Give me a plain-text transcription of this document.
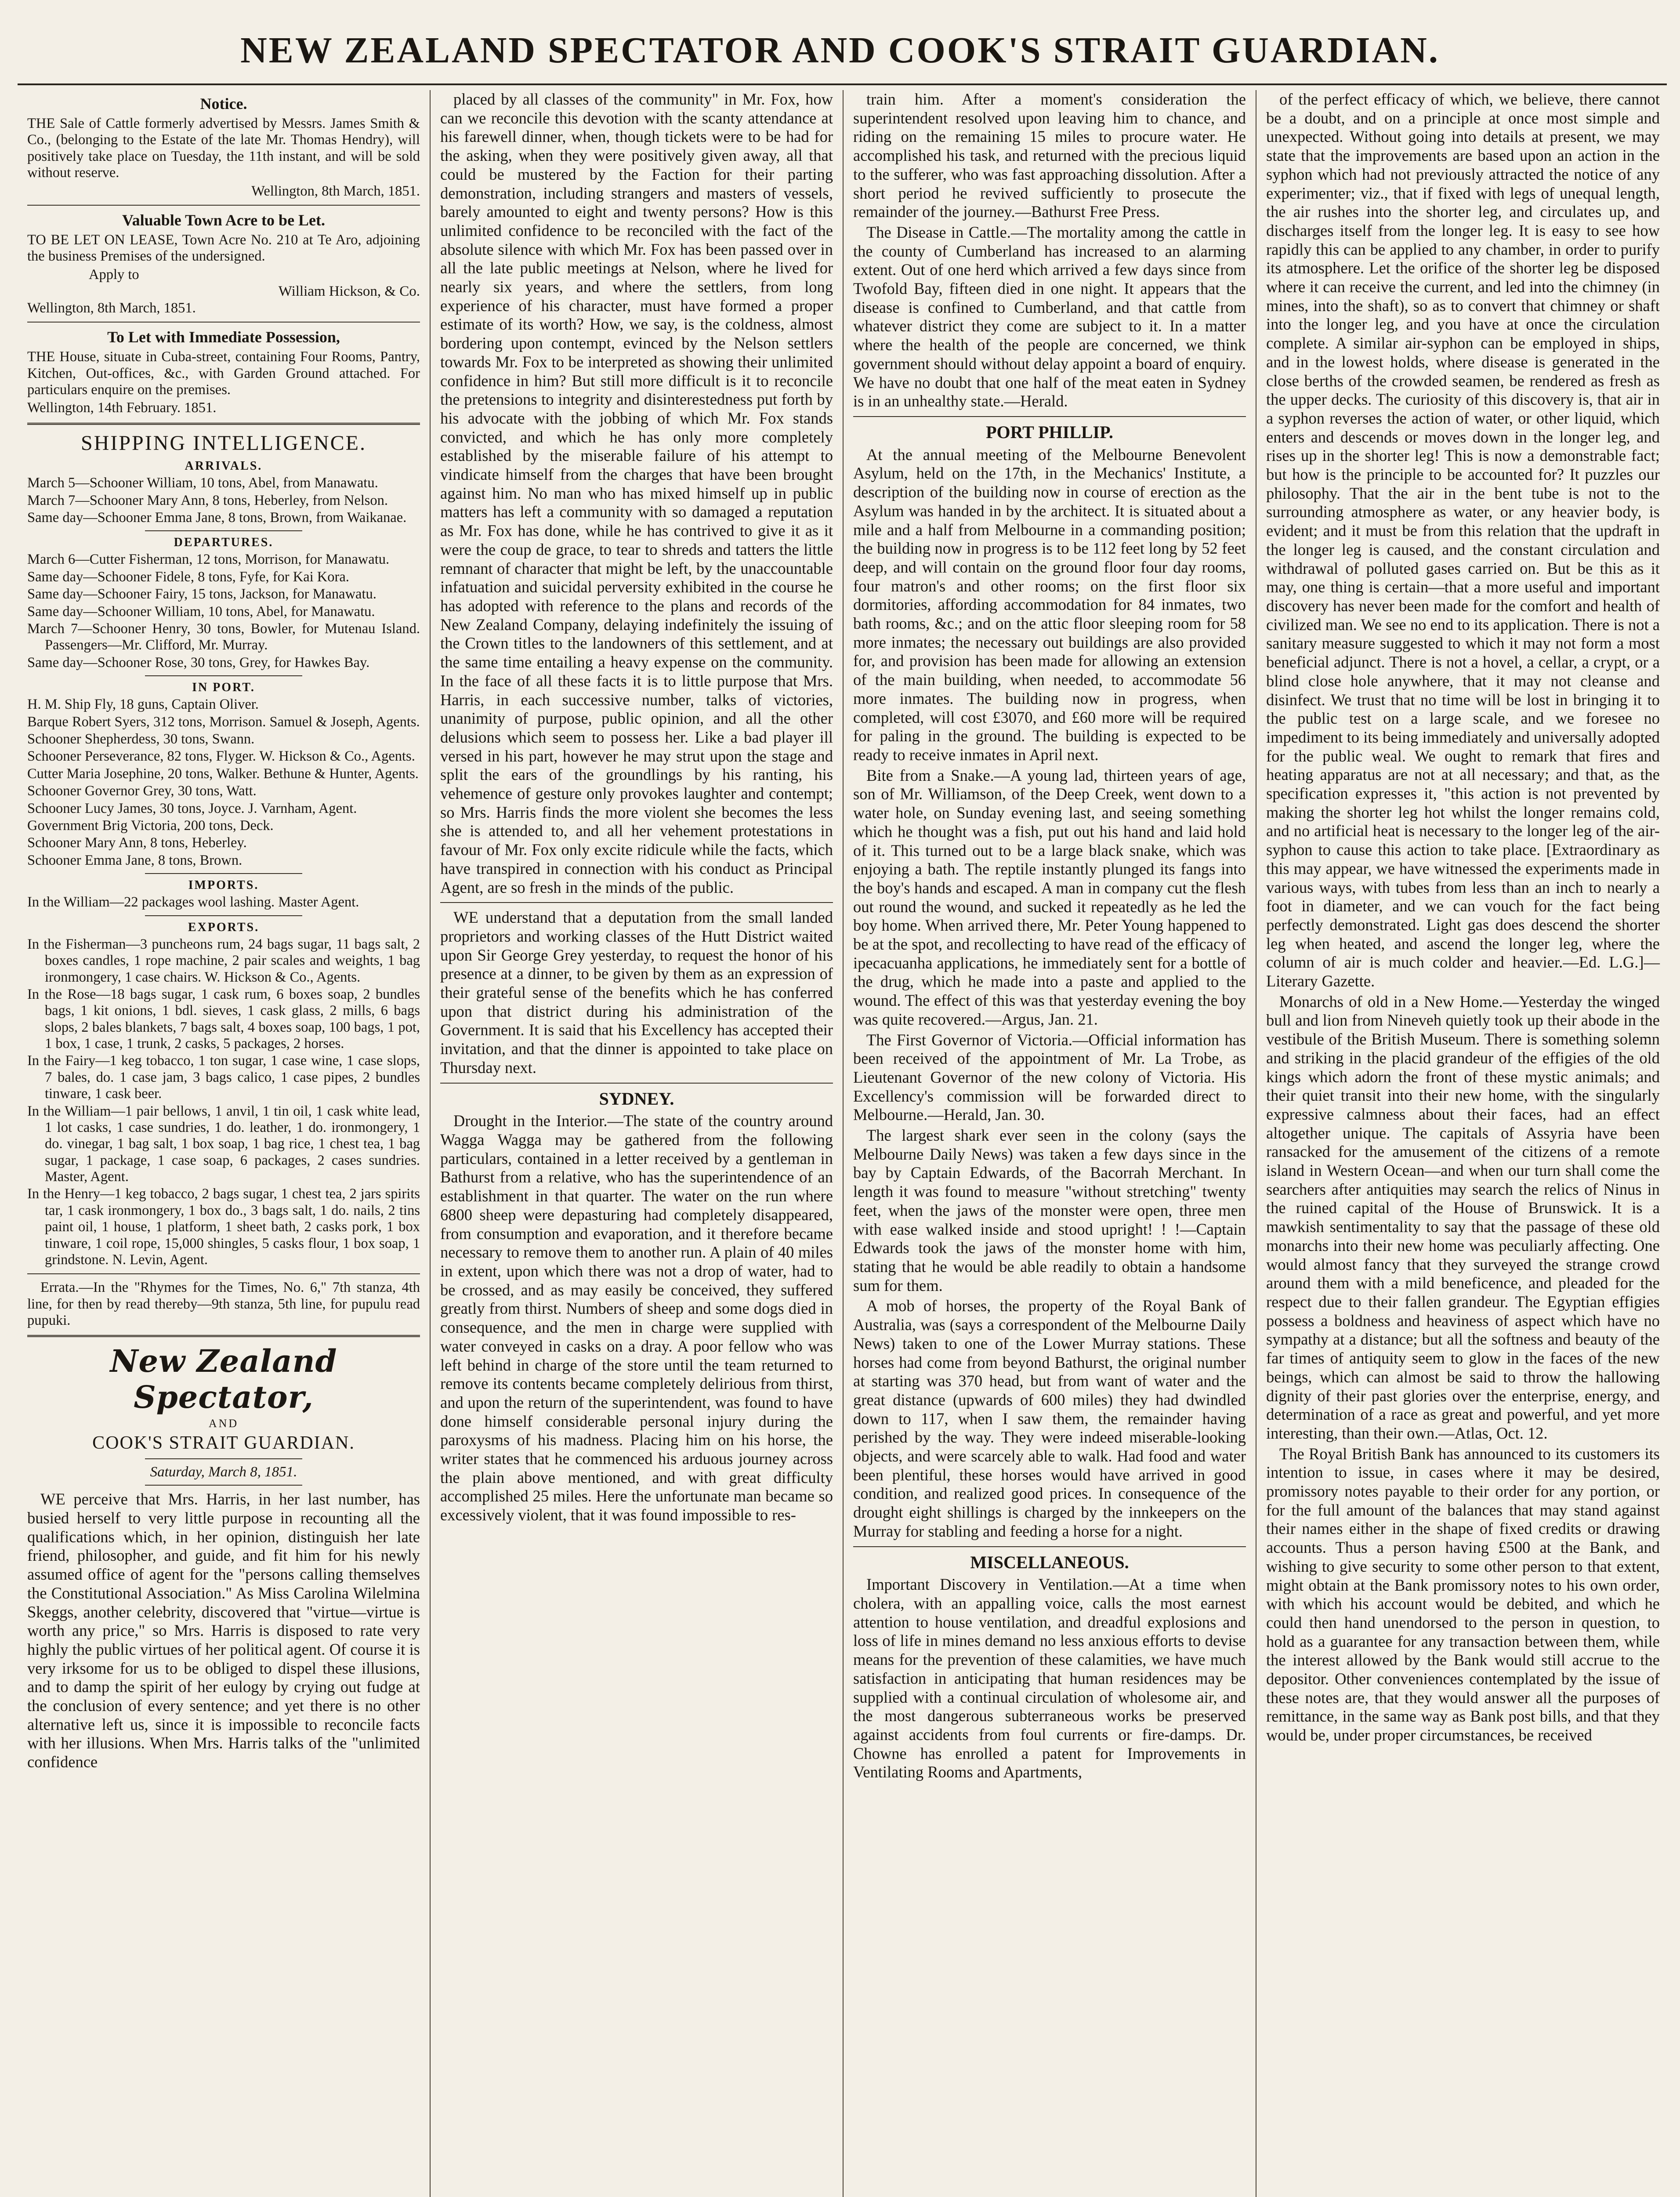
NEW ZEALAND SPECTATOR AND COOK'S STRAIT GUARDIAN.
Notice.

THE Sale of Cattle formerly advertised by Messrs. James Smith & Co., (belonging to the Estate of the late Mr. Thomas Hendry), will positively take place on Tuesday, the 11th instant, and will be sold without reserve.

Wellington, 8th March, 1851.
Valuable Town Acre to be Let.

TO BE LET ON LEASE, Town Acre No. 210 at Te Aro, adjoining the business Premises of the undersigned.

Apply to
William Hickson, & Co.
Wellington, 8th March, 1851.
To Let with Immediate Possession,

THE House, situate in Cuba-street, containing Four Rooms, Pantry, Kitchen, Out-offices, &c., with Garden Ground attached. For particulars enquire on the premises.

Wellington, 14th February. 1851.
SHIPPING INTELLIGENCE.
ARRIVALS.

March 5—Schooner William, 10 tons, Abel, from Manawatu.

March 7—Schooner Mary Ann, 8 tons, Heberley, from Nelson.

Same day—Schooner Emma Jane, 8 tons, Brown, from Waikanae.

DEPARTURES.

March 6—Cutter Fisherman, 12 tons, Morrison, for Manawatu.

Same day—Schooner Fidele, 8 tons, Fyfe, for Kai Kora.

Same day—Schooner Fairy, 15 tons, Jackson, for Manawatu.

Same day—Schooner William, 10 tons, Abel, for Manawatu.

March 7—Schooner Henry, 30 tons, Bowler, for Mutenau Island. Passengers—Mr. Clifford, Mr. Murray.

Same day—Schooner Rose, 30 tons, Grey, for Hawkes Bay.

IN PORT.

H. M. Ship Fly, 18 guns, Captain Oliver.

Barque Robert Syers, 312 tons, Morrison. Samuel & Joseph, Agents.

Schooner Shepherdess, 30 tons, Swann.

Schooner Perseverance, 82 tons, Flyger. W. Hickson & Co., Agents.

Cutter Maria Josephine, 20 tons, Walker. Bethune & Hunter, Agents.

Schooner Governor Grey, 30 tons, Watt.

Schooner Lucy James, 30 tons, Joyce. J. Varnham, Agent.

Government Brig Victoria, 200 tons, Deck.

Schooner Mary Ann, 8 tons, Heberley.

Schooner Emma Jane, 8 tons, Brown.

IMPORTS.

In the William—22 packages wool lashing. Master Agent.

EXPORTS.

In the Fisherman—3 puncheons rum, 24 bags sugar, 11 bags salt, 2 boxes candles, 1 rope machine, 2 pair scales and weights, 1 bag ironmongery, 1 case chairs. W. Hickson & Co., Agents.

In the Rose—18 bags sugar, 1 cask rum, 6 boxes soap, 2 bundles bags, 1 kit onions, 1 bdl. sieves, 1 cask glass, 2 mills, 6 bags slops, 2 bales blankets, 7 bags salt, 4 boxes soap, 100 bags, 1 pot, 1 box, 1 case, 1 trunk, 2 casks, 5 packages, 2 horses.

In the Fairy—1 keg tobacco, 1 ton sugar, 1 case wine, 1 case slops, 7 bales, do. 1 case jam, 3 bags calico, 1 case pipes, 2 bundles tinware, 1 cask beer.

In the William—1 pair bellows, 1 anvil, 1 tin oil, 1 cask white lead, 1 lot casks, 1 case sundries, 1 do. leather, 1 do. ironmongery, 1 do. vinegar, 1 bag salt, 1 box soap, 1 bag rice, 1 chest tea, 1 bag sugar, 1 package, 1 case soap, 6 packages, 2 cases sundries. Master, Agent.

In the Henry—1 keg tobacco, 2 bags sugar, 1 chest tea, 2 jars spirits tar, 1 cask ironmongery, 1 box do., 3 bags salt, 1 do. nails, 2 tins paint oil, 1 house, 1 platform, 1 sheet bath, 2 casks pork, 1 box tinware, 1 coil rope, 15,000 shingles, 5 casks flour, 1 box soap, 1 grindstone. N. Levin, Agent.

Errata.—In the "Rhymes for the Times, No. 6," 7th stanza, 4th line, for then by read thereby—9th stanza, 5th line, for pupulu read pupuki.

New Zealand Spectator,
AND
COOK'S STRAIT GUARDIAN.
Saturday, March 8, 1851.

WE perceive that Mrs. Harris, in her last number, has busied herself to very little purpose in recounting all the qualifications which, in her opinion, distinguish her late friend, philosopher, and guide, and fit him for his newly assumed office of agent for the "persons calling themselves the Constitutional Association." As Miss Carolina Wilelmina Skeggs, another celebrity, discovered that "virtue—virtue is worth any price," so Mrs. Harris is disposed to rate very highly the public virtues of her political agent. Of course it is very irksome for us to be obliged to dispel these illusions, and to damp the spirit of her eulogy by crying out fudge at the conclusion of every sentence; and yet there is no other alternative left us, since it is impossible to reconcile facts with her illusions. When Mrs. Harris talks of the "unlimited confidence

placed by all classes of the community" in Mr. Fox, how can we reconcile this devotion with the scanty attendance at his farewell dinner, when, though tickets were to be had for the asking, when they were positively given away, all that could be mustered by the Faction for their parting demonstration, including strangers and masters of vessels, barely amounted to eight and twenty persons? How is this unlimited confidence to be reconciled with the fact of the absolute silence with which Mr. Fox has been passed over in all the late public meetings at Nelson, where he lived for nearly six years, and where the settlers, from long experience of his character, must have formed a proper estimate of its worth? How, we say, is the coldness, almost bordering upon contempt, evinced by the Nelson settlers towards Mr. Fox to be interpreted as showing their unlimited confidence in him? But still more difficult is it to reconcile the pretensions to integrity and disinterestedness put forth by his advocate with the jobbing of which Mr. Fox stands convicted, and which he has only more completely established by the miserable failure of his attempt to vindicate himself from the charges that have been brought against him. No man who has mixed himself up in public matters has left a community with so damaged a reputation as Mr. Fox has done, while he has contrived to give it as it were the coup de grace, to tear to shreds and tatters the little remnant of character that might be left, by the unaccountable infatuation and suicidal perversity exhibited in the course he has adopted with reference to the plans and records of the New Zealand Company, delaying indefinitely the issuing of the Crown titles to the landowners of this settlement, and at the same time entailing a heavy expense on the community. In the face of all these facts it is to little purpose that Mrs. Harris, in each successive number, talks of victories, unanimity of purpose, public opinion, and all the other delusions which seem to possess her. Like a bad player ill versed in his part, however he may strut upon the stage and split the ears of the groundlings by his ranting, his vehemence of gesture only provokes laughter and contempt; so Mrs. Harris finds the more violent she becomes the less she is attended to, and all her vehement protestations in favour of Mr. Fox only excite ridicule while the facts, which have transpired in connection with his conduct as Principal Agent, are so fresh in the minds of the public.

WE understand that a deputation from the small landed proprietors and working classes of the Hutt District waited upon Sir George Grey yesterday, to request the honor of his presence at a dinner, to be given by them as an expression of their grateful sense of the benefits which he has conferred upon that district during his administration of the Government. It is said that his Excellency has accepted their invitation, and that the dinner is appointed to take place on Thursday next.

SYDNEY.

Drought in the Interior.—The state of the country around Wagga Wagga may be gathered from the following particulars, contained in a letter received by a gentleman in Bathurst from a relative, who has the superintendence of an establishment in that quarter. The water on the run where 6800 sheep were depasturing had completely disappeared, from consumption and evaporation, and it therefore became necessary to remove them to another run. A plain of 40 miles in extent, upon which there was not a drop of water, had to be crossed, and as may easily be conceived, they suffered greatly from thirst. Numbers of sheep and some dogs died in consequence, and the men in charge were supplied with water conveyed in casks on a dray. A poor fellow who was left behind in charge of the store until the team returned to remove its contents became completely delirious from thirst, and upon the return of the superintendent, was found to have done himself considerable personal injury during the paroxysms of his madness. Placing him on his horse, the writer states that he commenced his arduous journey across the plain above mentioned, and with great difficulty accomplished 25 miles. Here the unfortunate man became so excessively violent, that it was found impossible to res-

train him. After a moment's consideration the superintendent resolved upon leaving him to chance, and riding on the remaining 15 miles to procure water. He accomplished his task, and returned with the precious liquid to the sufferer, who was fast approaching dissolution. After a short period he revived sufficiently to prosecute the remainder of the journey.—Bathurst Free Press.

The Disease in Cattle.—The mortality among the cattle in the county of Cumberland has increased to an alarming extent. Out of one herd which arrived a few days since from Twofold Bay, fifteen died in one night. It appears that the disease is confined to Cumberland, and that cattle from whatever district they come are subject to it. In a matter where the health of the people are concerned, we think government should without delay appoint a board of enquiry. We have no doubt that one half of the meat eaten in Sydney is in an unhealthy state.—Herald.

PORT PHILLIP.

At the annual meeting of the Melbourne Benevolent Asylum, held on the 17th, in the Mechanics' Institute, a description of the building now in course of erection as the Asylum was handed in by the architect. It is situated about a mile and a half from Melbourne in a commanding position; the building now in progress is to be 112 feet long by 52 feet deep, and will contain on the ground floor four day rooms, four matron's and other rooms; on the first floor six dormitories, affording accommodation for 84 inmates, two bath rooms, &c.; and on the attic floor sleeping room for 58 more inmates; the necessary out buildings are also provided for, and provision has been made for allowing an extension of the main building, when needed, to accommodate 56 more inmates. The building now in progress, when completed, will cost £3070, and £60 more will be required for paling in the ground. The building is expected to be ready to receive inmates in April next.

Bite from a Snake.—A young lad, thirteen years of age, son of Mr. Williamson, of the Deep Creek, went down to a water hole, on Sunday evening last, and seeing something which he thought was a fish, put out his hand and laid hold of it. This turned out to be a large black snake, which was enjoying a bath. The reptile instantly plunged its fangs into the boy's hands and escaped. A man in company cut the flesh out round the wound, and sucked it repeatedly as he led the boy home. When arrived there, Mr. Peter Young happened to be at the spot, and recollecting to have read of the efficacy of ipecacuanha applications, he immediately sent for a bottle of the drug, which he made into a paste and applied to the wound. The effect of this was that yesterday evening the boy was quite recovered.—Argus, Jan. 21.

The First Governor of Victoria.—Official information has been received of the appointment of Mr. La Trobe, as Lieutenant Governor of the new colony of Victoria. His Excellency's commission will be forwarded direct to Melbourne.—Herald, Jan. 30.

The largest shark ever seen in the colony (says the Melbourne Daily News) was taken a few days since in the bay by Captain Edwards, of the Bacorrah Merchant. In length it was found to measure "without stretching" twenty feet, when the jaws of the monster were open, three men with ease walked inside and stood upright! ! !—Captain Edwards took the jaws of the monster home with him, stating that he would be able readily to obtain a handsome sum for them.

A mob of horses, the property of the Royal Bank of Australia, was (says a correspondent of the Melbourne Daily News) taken to one of the Lower Murray stations. These horses had come from beyond Bathurst, the original number at starting was 370 head, but from want of water and the great distance (upwards of 600 miles) they had dwindled down to 117, when I saw them, the remainder having perished by the way. They were indeed miserable-looking objects, and were scarcely able to walk. Had food and water been plentiful, these horses would have arrived in good condition, and realized good prices. In consequence of the drought eight shillings is charged by the innkeepers on the Murray for stabling and feeding a horse for a night.

MISCELLANEOUS.

Important Discovery in Ventilation.—At a time when cholera, with an appalling voice, calls the most earnest attention to house ventilation, and dreadful explosions and loss of life in mines demand no less anxious efforts to devise means for the prevention of these calamities, we have much satisfaction in anticipating that human residences may be supplied with a continual circulation of wholesome air, and the most dangerous subterraneous works be preserved against accidents from foul currents or fire-damps. Dr. Chowne has enrolled a patent for Improvements in Ventilating Rooms and Apartments,

of the perfect efficacy of which, we believe, there cannot be a doubt, and on a principle at once most simple and unexpected. Without going into details at present, we may state that the improvements are based upon an action in the syphon which had not previously attracted the notice of any experimenter; viz., that if fixed with legs of unequal length, the air rushes into the shorter leg, and circulates up, and discharges itself from the longer leg. It is easy to see how rapidly this can be applied to any chamber, in order to purify its atmosphere. Let the orifice of the shorter leg be disposed where it can receive the current, and led into the chimney (in mines, into the shaft), so as to convert that chimney or shaft into the longer leg, and you have at once the circulation complete. A similar air-syphon can be employed in ships, and in the lowest holds, where disease is generated in the close berths of the crowded seamen, be rendered as fresh as the upper decks. The curiosity of this discovery is, that air in a syphon reverses the action of water, or other liquid, which enters and descends or moves down in the longer leg, and rises up in the shorter leg! This is now a demonstrable fact; but how is the principle to be accounted for? It puzzles our philosophy. That the air in the bent tube is not to the surrounding atmosphere as water, or any heavier body, is evident; and it must be from this relation that the updraft in the longer leg is caused, and the constant circulation and withdrawal of polluted gases carried on. But be this as it may, one thing is certain—that a more useful and important discovery has never been made for the comfort and health of civilized man. We see no end to its application. There is not a sanitary measure suggested to which it may not form a most beneficial adjunct. There is not a hovel, a cellar, a crypt, or a blind close hole anywhere, that it may not cleanse and disinfect. We trust that no time will be lost in bringing it to the public test on a large scale, and we foresee no impediment to its being immediately and universally adopted for the public weal. We ought to remark that fires and heating apparatus are not at all necessary; and that, as the specification expresses it, "this action is not prevented by making the shorter leg hot whilst the longer remains cold, and no artificial heat is necessary to the longer leg of the air-syphon to cause this action to take place. [Extraordinary as this may appear, we have witnessed the experiments made in various ways, with tubes from less than an inch to nearly a foot in diameter, and we can vouch for the fact being perfectly demonstrated. Light gas does descend the shorter leg when heated, and ascend the longer leg, where the column of air is much colder and heavier.—Ed. L.G.]—Literary Gazette.

Monarchs of old in a New Home.—Yesterday the winged bull and lion from Nineveh quietly took up their abode in the vestibule of the British Museum. There is something solemn and striking in the placid grandeur of the effigies of the old kings which adorn the front of these mystic animals; and their quiet transit into their new home, with the singularly expressive calmness about their faces, had an effect altogether unique. The capitals of Assyria have been ransacked for the amusement of the citizens of a remote island in Western Ocean—and when our turn shall come the searchers after antiquities may search the relics of Ninus in the ruined capital of the House of Brunswick. It is a mawkish sentimentality to say that the passage of these old monarchs into their new home was peculiarly affecting. One would almost fancy that they surveyed the strange crowd around them with a mild beneficence, and pleaded for the respect due to their fallen grandeur. The Egyptian effigies possess a boldness and heaviness of aspect which have no sympathy at a distance; but all the softness and beauty of the far times of antiquity seem to glow in the faces of the new beings, which can almost be said to throw the hallowing dignity of their past glories over the enterprise, energy, and determination of a race as great and powerful, and yet more interesting, than their own.—Atlas, Oct. 12.

The Royal British Bank has announced to its customers its intention to issue, in cases where it may be desired, promissory notes payable to their order for any portion, or for the full amount of the balances that may stand against their names either in the shape of fixed credits or drawing accounts. Thus a person having £500 at the Bank, and wishing to give security to some other person to that extent, might obtain at the Bank promissory notes to his own order, with which his account would be debited, and which he could then hand unendorsed to the person in question, to hold as a guarantee for any transaction between them, while the interest allowed by the Bank would still accrue to the depositor. Other conveniences contemplated by the issue of these notes are, that they would answer all the purposes of remittance, in the same way as Bank post bills, and that they would be, under proper circumstances, be received
